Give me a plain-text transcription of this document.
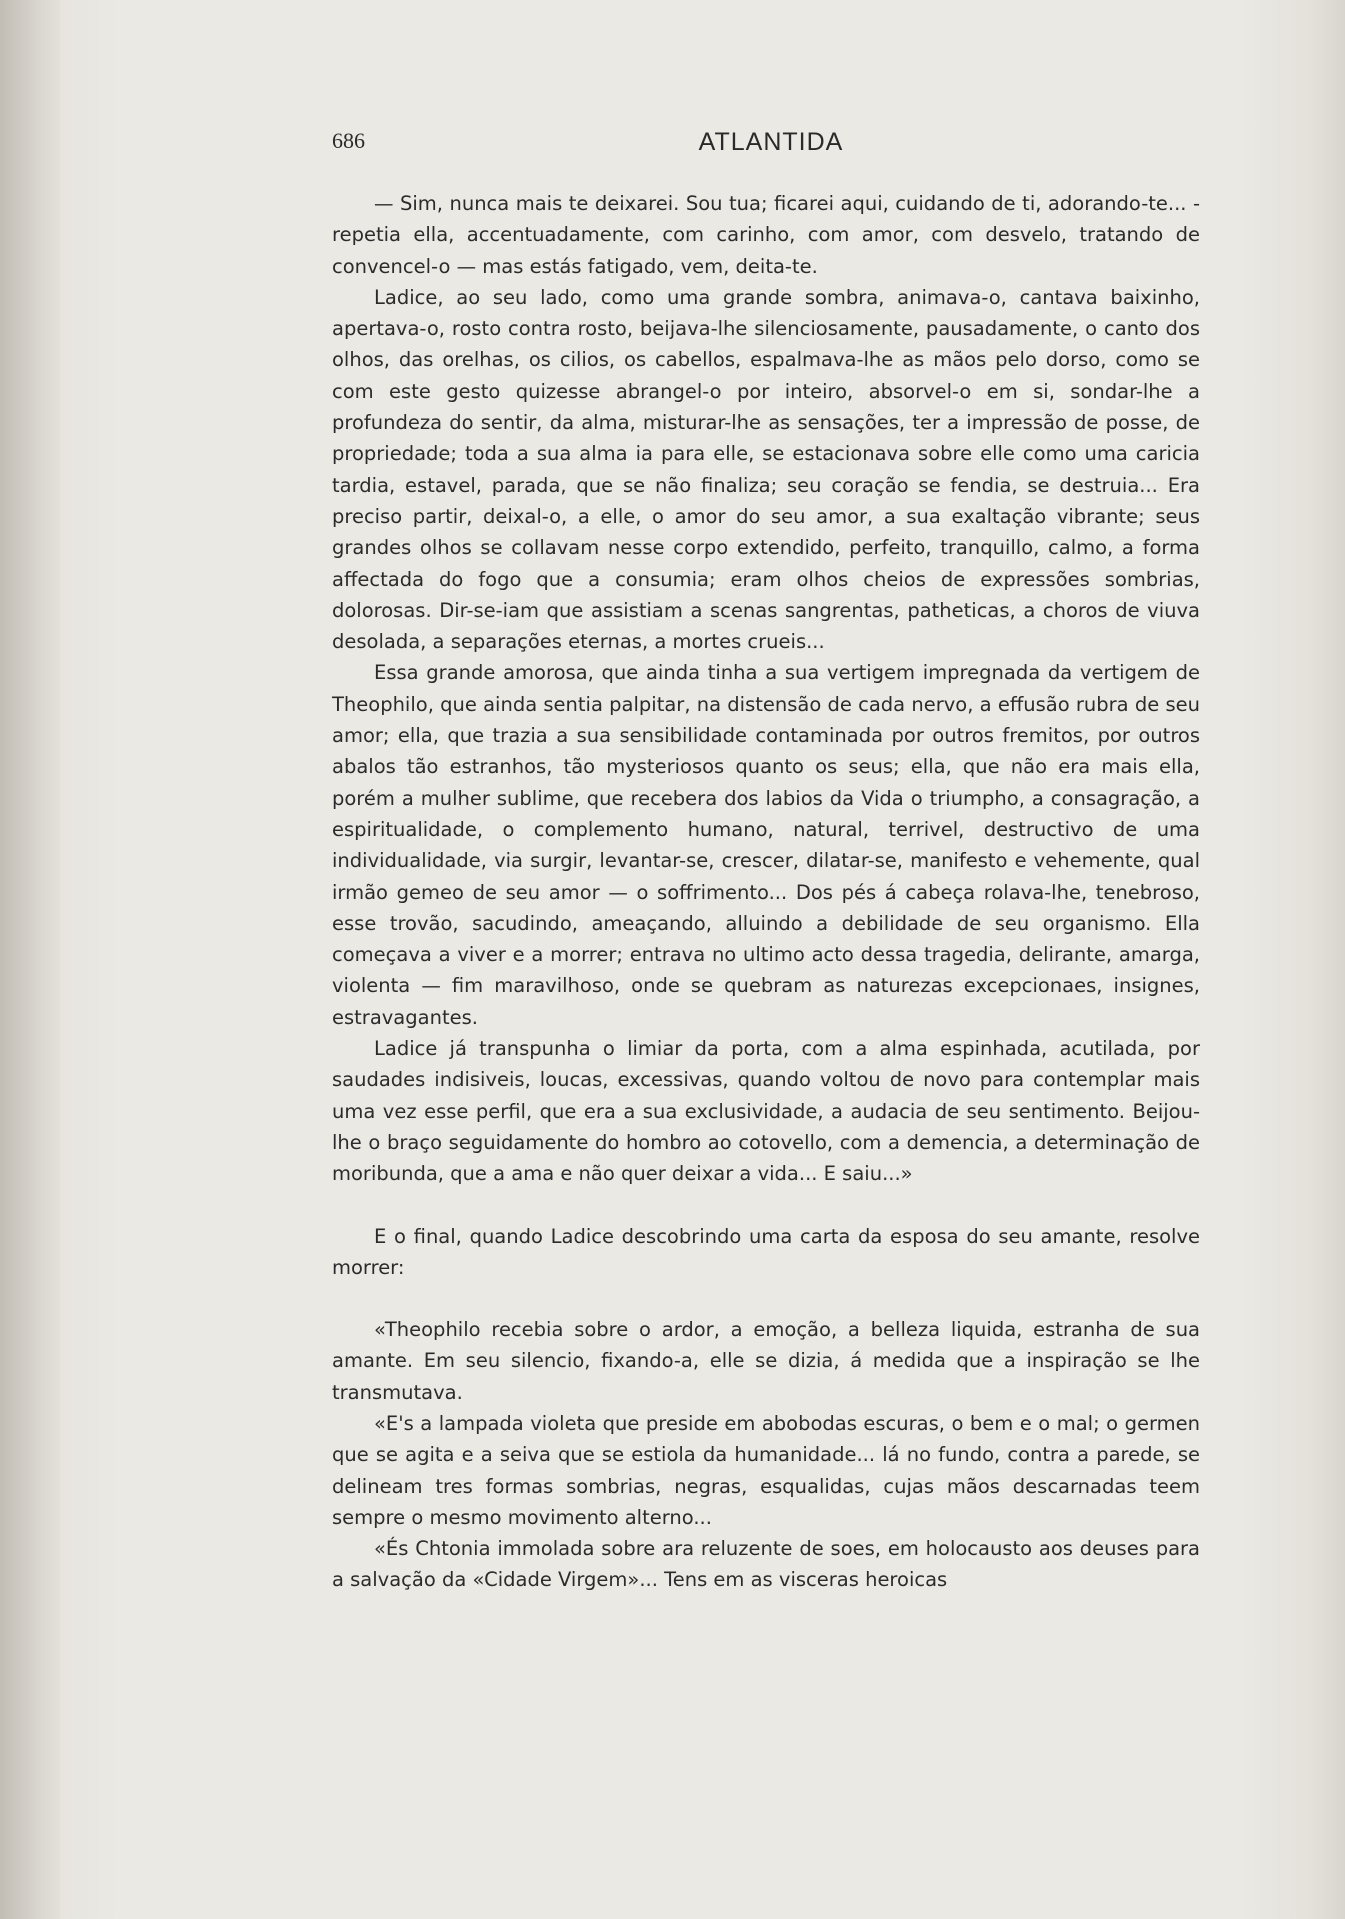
686	ATLANTIDA

— Sim, nunca mais te deixarei. Sou tua; ficarei aqui, cuidando de ti, adorando-te... - repetia ella, accentuadamente, com carinho, com amor, com desvelo, tratando de convencel-o — mas estás fatigado, vem, deita-te.

Ladice, ao seu lado, como uma grande sombra, animava-o, cantava baixinho, apertava-o, rosto contra rosto, beijava-lhe silenciosamente, pausadamente, o canto dos olhos, das orelhas, os cilios, os cabellos, espalmava-lhe as mãos pelo dorso, como se com este gesto quizesse abrangel-o por inteiro, absorvel-o em si, sondar-lhe a profundeza do sentir, da alma, misturar-lhe as sensações, ter a impressão de posse, de propriedade; toda a sua alma ia para elle, se estacionava sobre elle como uma caricia tardia, estavel, parada, que se não finaliza; seu coração se fendia, se destruia... Era preciso partir, deixal-o, a elle, o amor do seu amor, a sua exaltação vibrante; seus grandes olhos se collavam nesse corpo extendido, perfeito, tranquillo, calmo, a forma affectada do fogo que a consumia; eram olhos cheios de expressões sombrias, dolorosas. Dir-se-iam que assistiam a scenas sangrentas, patheticas, a choros de viuva desolada, a separações eternas, a mortes crueis...

Essa grande amorosa, que ainda tinha a sua vertigem impregnada da vertigem de Theophilo, que ainda sentia palpitar, na distensão de cada nervo, a effusão rubra de seu amor; ella, que trazia a sua sensibilidade contaminada por outros fremitos, por outros abalos tão estranhos, tão mysteriosos quanto os seus; ella, que não era mais ella, porém a mulher sublime, que recebera dos labios da Vida o triumpho, a consagração, a espiritualidade, o complemento humano, natural, terrivel, destructivo de uma individualidade, via surgir, levantar-se, crescer, dilatar-se, manifesto e vehemente, qual irmão gemeo de seu amor — o soffrimento... Dos pés á cabeça rolava-lhe, tenebroso, esse trovão, sacudindo, ameaçando, alluindo a debilidade de seu organismo. Ella começava a viver e a morrer; entrava no ultimo acto dessa tragedia, delirante, amarga, violenta — fim maravilhoso, onde se quebram as naturezas excepcionaes, insignes, estravagantes.

Ladice já transpunha o limiar da porta, com a alma espinhada, acutilada, por saudades indisiveis, loucas, excessivas, quando voltou de novo para contemplar mais uma vez esse perfil, que era a sua exclusividade, a audacia de seu sentimento. Beijou-lhe o braço seguidamente do hombro ao cotovello, com a demencia, a determinação de moribunda, que a ama e não quer deixar a vida... E saiu...»

E o final, quando Ladice descobrindo uma carta da esposa do seu amante, resolve morrer:

«Theophilo recebia sobre o ardor, a emoção, a belleza liquida, estranha de sua amante. Em seu silencio, fixando-a, elle se dizia, á medida que a inspiração se lhe transmutava.

«E's a lampada violeta que preside em abobodas escuras, o bem e o mal; o germen que se agita e a seiva que se estiola da humanidade... lá no fundo, contra a parede, se delineam tres formas sombrias, negras, esqualidas, cujas mãos descarnadas teem sempre o mesmo movimento alterno...

«És Chtonia immolada sobre ara reluzente de soes, em holocausto aos deuses para a salvação da «Cidade Virgem»... Tens em as visceras heroicas
